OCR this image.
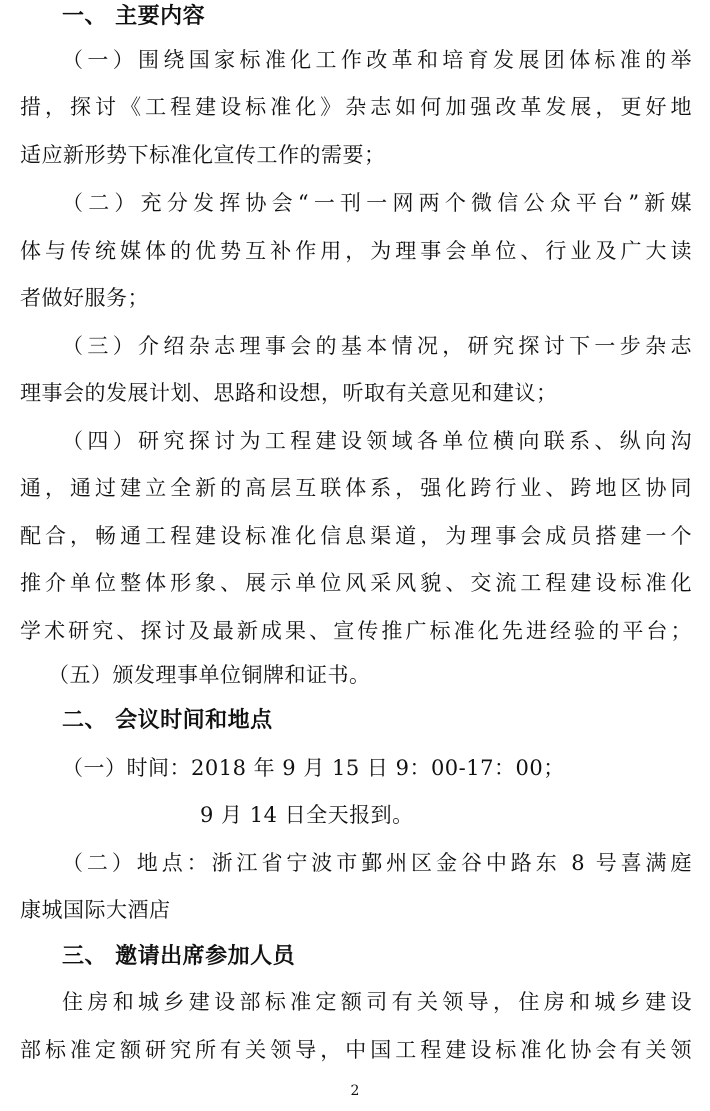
一、 主要内容
（一）围绕国家标准化工作改革和培育发展团体标准的举
措，探讨《工程建设标准化》杂志如何加强改革发展，更好地
适应新形势下标准化宣传工作的需要；
（二）充分发挥协会“一刊一网两个微信公众平台”新媒
体与传统媒体的优势互补作用，为理事会单位、行业及广大读
者做好服务；
（三）介绍杂志理事会的基本情况，研究探讨下一步杂志
理事会的发展计划、思路和设想，听取有关意见和建议；
（四）研究探讨为工程建设领域各单位横向联系、纵向沟
通，通过建立全新的高层互联体系，强化跨行业、跨地区协同
配合，畅通工程建设标准化信息渠道，为理事会成员搭建一个
推介单位整体形象、展示单位风采风貌、交流工程建设标准化
学术研究、探讨及最新成果、宣传推广标准化先进经验的平台；
（五）颁发理事单位铜牌和证书。
二、 会议时间和地点
（一）时间：2018 年 9 月 15 日 9：00-17：00；
9 月 14 日全天报到。
（二）地点：浙江省宁波市鄞州区金谷中路东 8 号喜满庭
康城国际大酒店
三、 邀请出席参加人员
住房和城乡建设部标准定额司有关领导，住房和城乡建设
部标准定额研究所有关领导，中国工程建设标准化协会有关领
2
